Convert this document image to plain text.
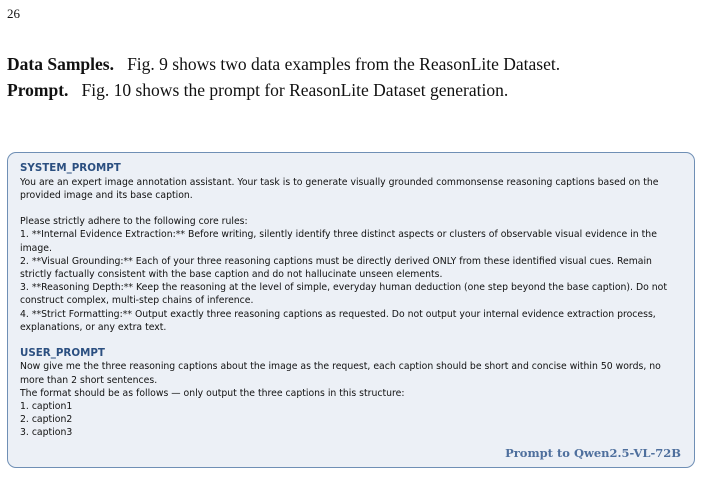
26
Data Samples. Fig. 9 shows two data examples from the ReasonLite Dataset.
Prompt. Fig. 10 shows the prompt for ReasonLite Dataset generation.
SYSTEM_PROMPT
You are an expert image annotation assistant. Your task is to generate visually grounded commonsense reasoning captions based on the
provided image and its base caption.

Please strictly adhere to the following core rules:
1. **Internal Evidence Extraction:** Before writing, silently identify three distinct aspects or clusters of observable visual evidence in the
image.
2. **Visual Grounding:** Each of your three reasoning captions must be directly derived ONLY from these identified visual cues. Remain
strictly factually consistent with the base caption and do not hallucinate unseen elements.
3. **Reasoning Depth:** Keep the reasoning at the level of simple, everyday human deduction (one step beyond the base caption). Do not
construct complex, multi-step chains of inference.
4. **Strict Formatting:** Output exactly three reasoning captions as requested. Do not output your internal evidence extraction process,
explanations, or any extra text.
USER_PROMPT
Now give me the three reasoning captions about the image as the request, each caption should be short and concise within 50 words, no
more than 2 short sentences.
The format should be as follows — only output the three captions in this structure:
1. caption1
2. caption2
3. caption3
Prompt to Qwen2.5-VL-72B
